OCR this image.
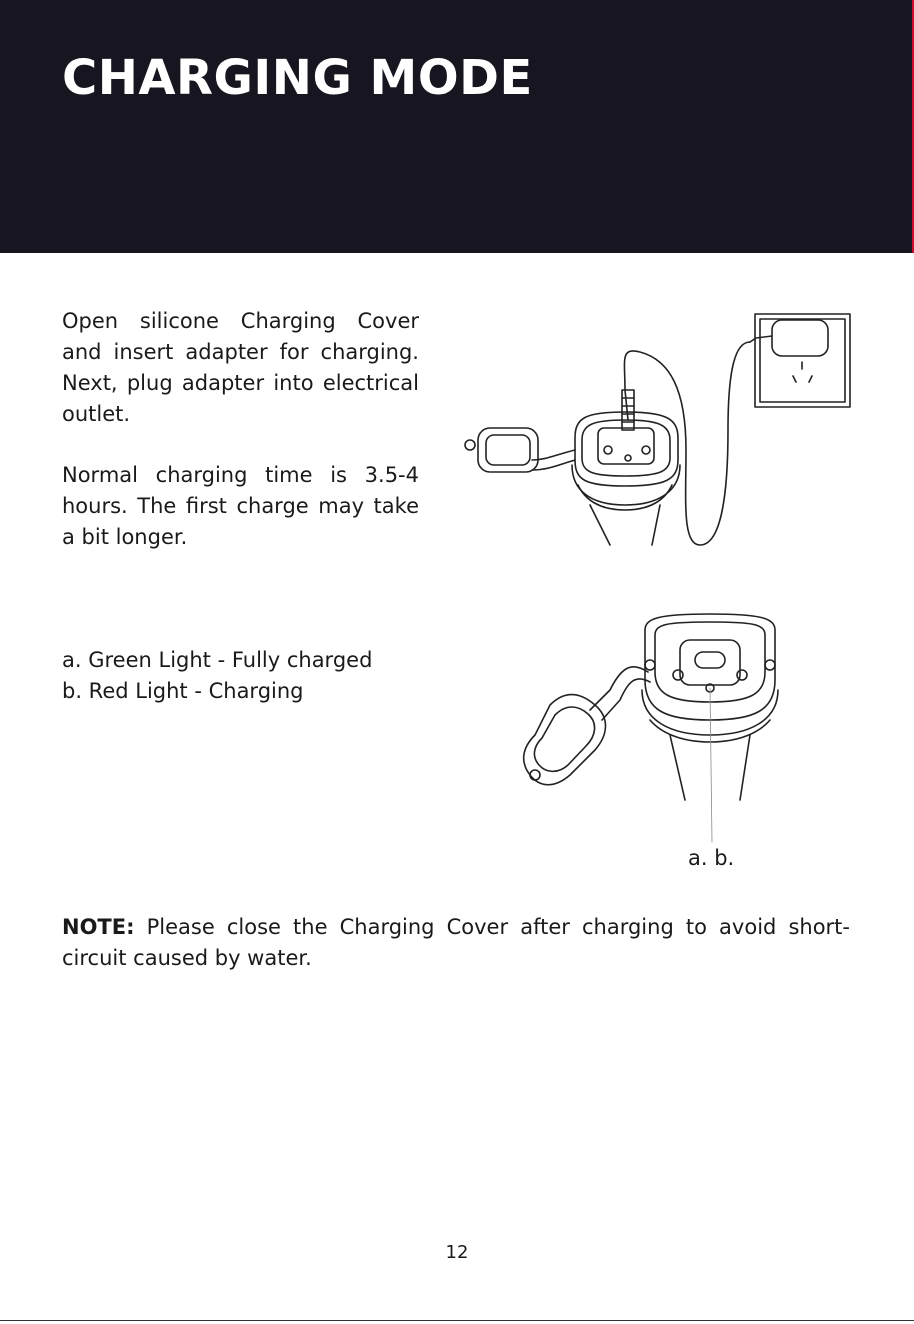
CHARGING MODE

Open silicone Charging Cover and insert adapter for charging. Next, plug adapter into electrical outlet.

Normal charging time is 3.5-4 hours. The first charge may take a bit longer.

a. Green Light - Fully charged
b. Red Light - Charging

NOTE: Please close the Charging Cover after charging to avoid short-circuit caused by water.

a. b.
12
